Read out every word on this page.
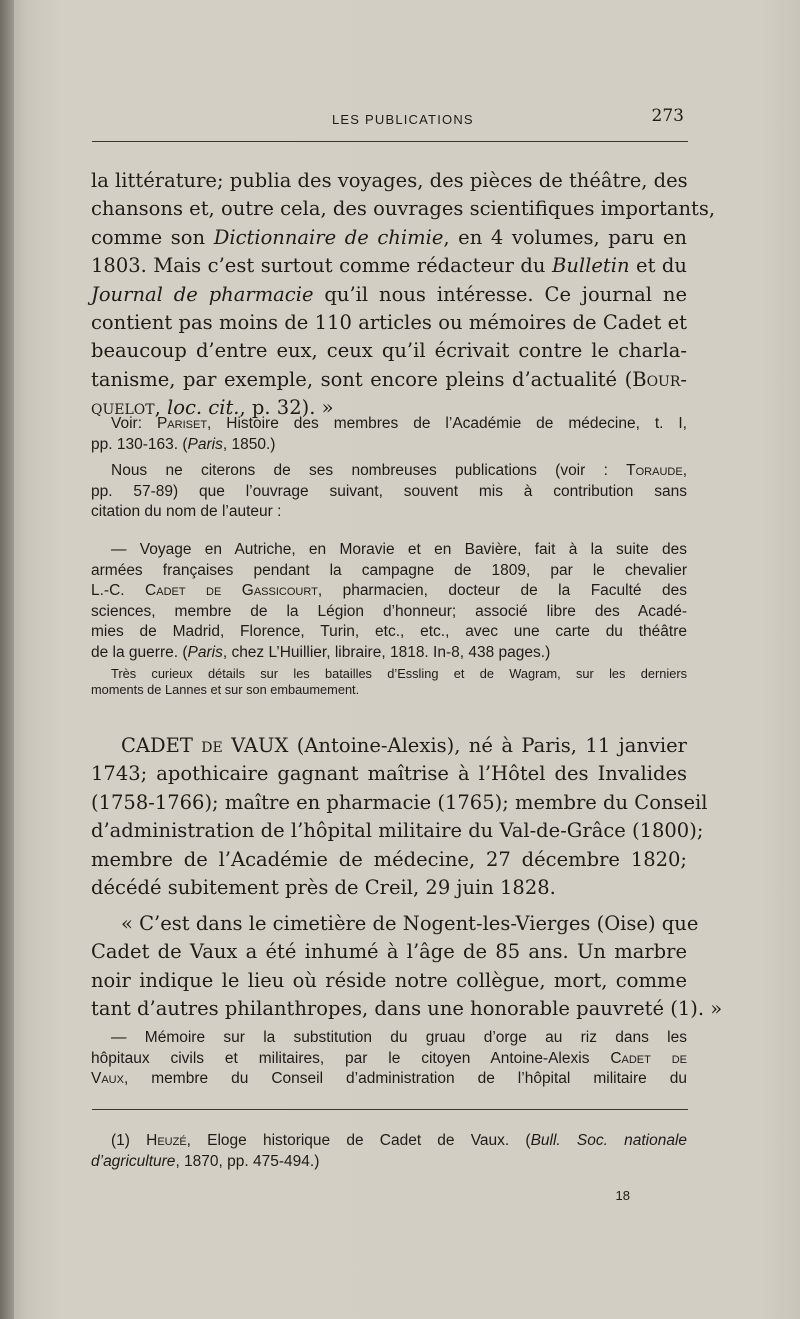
LES PUBLICATIONS	273
la littérature; publia des voyages, des pièces de théâtre, des
chansons et, outre cela, des ouvrages scientifiques importants,
comme son Dictionnaire de chimie, en 4 volumes, paru en
1803. Mais c’est surtout comme rédacteur du Bulletin et du
Journal de pharmacie qu’il nous intéresse. Ce journal ne
contient pas moins de 110 articles ou mémoires de Cadet et
beaucoup d’entre eux, ceux qu’il écrivait contre le charla-
tanisme, par exemple, sont encore pleins d’actualité (Bour-
quelot, loc. cit., p. 32). »
Voir: Pariset, Histoire des membres de l’Académie de médecine, t. I,
pp. 130-163. (Paris, 1850.)
Nous ne citerons de ses nombreuses publications (voir : Toraude,
pp. 57-89) que l’ouvrage suivant, souvent mis à contribution sans
citation du nom de l’auteur :
— Voyage en Autriche, en Moravie et en Bavière, fait à la suite des
armées françaises pendant la campagne de 1809, par le chevalier
L.-C. Cadet de Gassicourt, pharmacien, docteur de la Faculté des
sciences, membre de la Légion d’honneur; associé libre des Acadé-
mies de Madrid, Florence, Turin, etc., etc., avec une carte du théâtre
de la guerre. (Paris, chez L’Huillier, libraire, 1818. In-8, 438 pages.)
Très curieux détails sur les batailles d’Essling et de Wagram, sur les derniers
moments de Lannes et sur son embaumement.
CADET de VAUX (Antoine-Alexis), né à Paris, 11 janvier
1743; apothicaire gagnant maîtrise à l’Hôtel des Invalides
(1758-1766); maître en pharmacie (1765); membre du Conseil
d’administration de l’hôpital militaire du Val-de-Grâce (1800);
membre de l’Académie de médecine, 27 décembre 1820;
décédé subitement près de Creil, 29 juin 1828.
« C’est dans le cimetière de Nogent-les-Vierges (Oise) que
Cadet de Vaux a été inhumé à l’âge de 85 ans. Un marbre
noir indique le lieu où réside notre collègue, mort, comme
tant d’autres philanthropes, dans une honorable pauvreté (1). »
— Mémoire sur la substitution du gruau d’orge au riz dans les
hôpitaux civils et militaires, par le citoyen Antoine-Alexis Cadet de
Vaux, membre du Conseil d’administration de l’hôpital militaire du
(1) Heuzé, Eloge historique de Cadet de Vaux. (Bull. Soc. nationale
d’agriculture, 1870, pp. 475-494.)
18
